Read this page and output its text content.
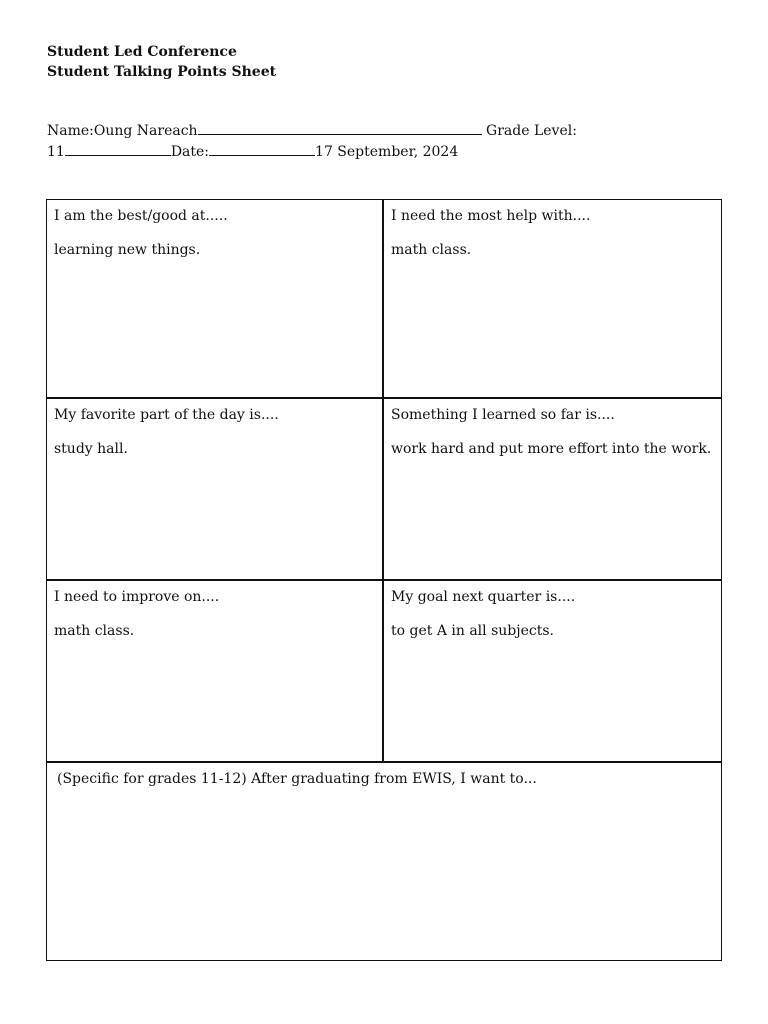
Student Led Conference
Student Talking Points Sheet
Name:Oung Nareach	Grade Level:
11	Date:	17 September, 2024

I am the best/good at.....

learning new things.

I need the most help with....

math class.

My favorite part of the day is....

study hall.

Something I learned so far is....

work hard and put more effort into the work.

I need to improve on....

math class.

My goal next quarter is....

to get A in all subjects.

(Specific for grades 11-12) After graduating from EWIS, I want to...
